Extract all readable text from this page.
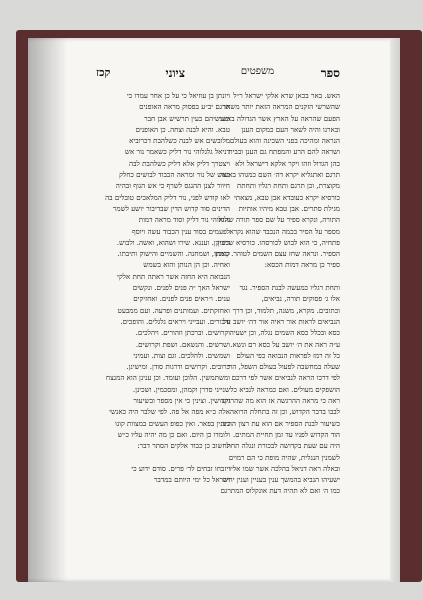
ספר
משפטים
ציוני
קכז

האש. באר בכאן שרא אלקי ישראל ר״ל

שהשרשי הזקנים המראה הזאת יותר משאר

הפעם שהראה על הארץ אשר הגדולה באשר

ובארנו והיה לשאר העם כמקום הענן

הנראה ומהיכה בפני השכינה והוא בעולם

ושראה להם הרע והמפתח גם הענן ובבית

כהן הגדול וזהו ויקר אלקא דישראל ולא

תרגם ואתגליא יקרא דה׳ השם כמגוהו באשר

מקוצרת, וכן תרגם ותחת רגליו ותחתת

כורסיא יקרא כעובדא אבן טבא, מצאתי

מגילת סתרים. אבן טבא מיהיו אותיות

התורה, ונקרא ספיר על שם ספר תורה שהוא

מספר על הסיר בכמה הנכבד שהוא נקרא

פתחיה, כי הוא לבוש לכורסהו. כורסיא שבעין

הספיר. ונראה שחז עצם השמים לטוהר. כאמן

ספיר כן מראה דמות הכסא:

ותחת רגליו כמעשה לבנת הספיר. נגד

אלו ג׳ פסוקים תורה, נביאים,

וכתובים. מקרא, משנה, תלמוד, וכן דרך

הנביאים לראות אור ראיה אור דה׳ יושב על

כסא ובכלל כסא השמים נגלה, וכן ישעיה

ע״ה ראה את ה׳ יושב על כסא רם ונשא.

כל זה רמז לפראות הנבואה כפי העולם

שעלה במחשבה לפעול בעולם השפל, הרי

לפי דרכו הראה לנביאים אשר לפי דרכם

הושפקים מעולים. ואם כמראה לנביא כל

ראה כי מראה ההרגשה אז הוא מה שהרגיש

לבבו בדבר הקדוש, וכן זה בתחלת הרואה

כשיעור לבנת הספיר אם הוא עת רצון הה״ד

הוד הקדוש לפניו עד זמן תחיית המתים.

היה עם שעת בקדושה לבכורת ונגלה תחת

לשמנין הנגלית, שהיה מופת כי הם רמוים

ובאלה ראה דניאל בהלכה אשר שמו אליו

ישעיהו הנביא בהמשך ענין בעניין וענין יהיה

כמו ה׳ ואם לא תהיה דעת אונקלוס המתרגם

ויונתן בן עוזיאל כי על כן אחר עמדו כי

תרגם יב״ע בפסוק מראה האופנים

ומעשיהם כעין תרשיש אבן חבר

טבא. והיא לבנה וצחה. כן האופנים

מלובשים אש לבנה כשלהבת דכרוביא

דניאל גלגלוהי נור דליק כשאמר נור אש

ויצטרך דליק אלא דליק כשלהבת לבה

כאש של נור ומראה הכבוד לבושים כחלק

חיוור לצנן ההנגס לשרף כי אש הגוף ובהיה

לאו קודש לפני, נור דליק המלאכים טובלים בה

הדינים סוד קדוש הדין שבדיבור יושע לשמר

גלגלוהי נור דליק וסוד מראה דמות

לפעמים בסוד ענין הכבוד עשה ויוסף

דיבוקן. ועננא. שירו ושהוא, ואשה. ולבוש.

קומתו, ושמחנה. והשמיים והישוק ותיבתו.

ואחיה. וכן הן הנותן והוא בשמש

הנבואה היא החזה אשר ראתה תחת אלקי

ישראל האך ״ה פנים לפנים. ונקשים

ענים. ו״ראים פנים לפנים. ואחזיקים

ואחזקתים. ועמותנים ופרעה. ועם ממבעט

ודבורים. ועבייני ויראים גלגלים. והופכים.

וקרושים. וברכתן וזהורים. ויהלכים.

ושרשים. והנשאם. ושפת וקרושים.

ושמשים. ולהלכים. וגם וצות. ועמיני

כרובים. וקרושים ודרגות סודן. ומישינן.

ומשתמשין. הלוכן ועומד. וכן ענינן הוא המנצח

שנייני סדרן וקמהן, ומסכמין. ושכינן.

וקרושין. וצינין כי אין מספר ובשיעור

אלה כ״א מפה אל פה. לפי שלבר היה כאנשי

בענין בפאר. ואין כפופ העשים במצוות קונו

ולומדו כן היום. ואם כן מה יהיה עליו כ״ש

לחשוב כן כבוד אלקים הסתר דבר:

ויזבחו זבחים לד׳ פרים. סודם ידוע כי

ישראל כל ימי היותם במדבר
